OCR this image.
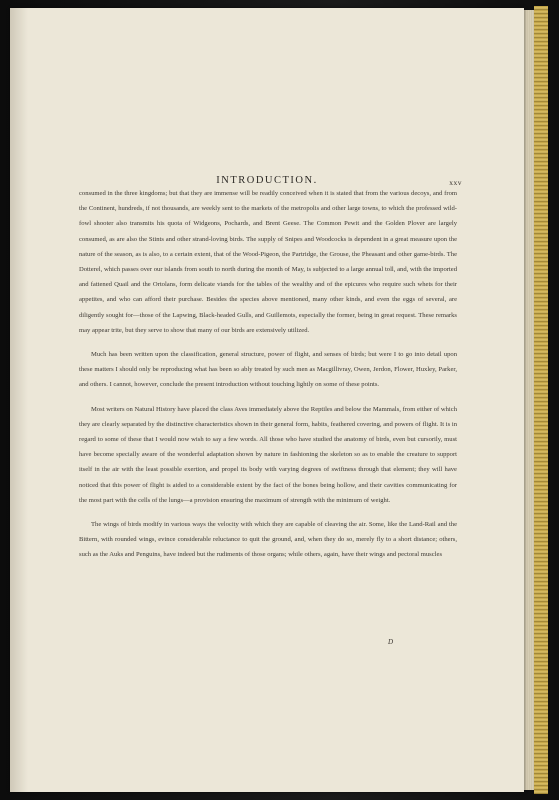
INTRODUCTION.	xxv

consumed in the three kingdoms; but that they are immense will be readily conceived when it is stated that from the various decoys, and from the Continent, hundreds, if not thousands, are weekly sent to the markets of the metropolis and other large towns, to which the professed wild-fowl shooter also transmits his quota of Widgeons, Pochards, and Brent Geese. The Common Pewit and the Golden Plover are largely consumed, as are also the Stints and other strand-loving birds. The supply of Snipes and Woodcocks is dependent in a great measure upon the nature of the season, as is also, to a certain extent, that of the Wood-Pigeon, the Partridge, the Grouse, the Pheasant and other game-birds. The Dotterel, which passes over our islands from south to north during the month of May, is subjected to a large annual toll, and, with the imported and fattened Quail and the Ortolans, form delicate viands for the tables of the wealthy and of the epicures who require such whets for their appetites, and who can afford their purchase. Besides the species above mentioned, many other kinds, and even the eggs of several, are diligently sought for—those of the Lapwing, Black-headed Gulls, and Guillemots, especially the former, being in great request. These remarks may appear trite, but they serve to show that many of our birds are extensively utilized.

Much has been written upon the classification, general structure, power of flight, and senses of birds; but were I to go into detail upon these matters I should only be reproducing what has been so ably treated by such men as Macgillivray, Owen, Jerdon, Flower, Huxley, Parker, and others. I cannot, however, conclude the present introduction without touching lightly on some of these points.

Most writers on Natural History have placed the class Aves immediately above the Reptiles and below the Mammals, from either of which they are clearly separated by the distinctive characteristics shown in their general form, habits, feathered covering, and powers of flight. It is in regard to some of these that I would now wish to say a few words. All those who have studied the anatomy of birds, even but cursorily, must have become specially aware of the wonderful adaptation shown by nature in fashioning the skeleton so as to enable the creature to support itself in the air with the least possible exertion, and propel its body with varying degrees of swiftness through that element; they will have noticed that this power of flight is aided to a considerable extent by the fact of the bones being hollow, and their cavities communicating for the most part with the cells of the lungs—a provision ensuring the maximum of strength with the minimum of weight.

The wings of birds modify in various ways the velocity with which they are capable of cleaving the air. Some, like the Land-Rail and the Bittern, with rounded wings, evince considerable reluctance to quit the ground, and, when they do so, merely fly to a short distance; others, such as the Auks and Penguins, have indeed but the rudiments of those organs; while others, again, have their wings and pectoral muscles

D
